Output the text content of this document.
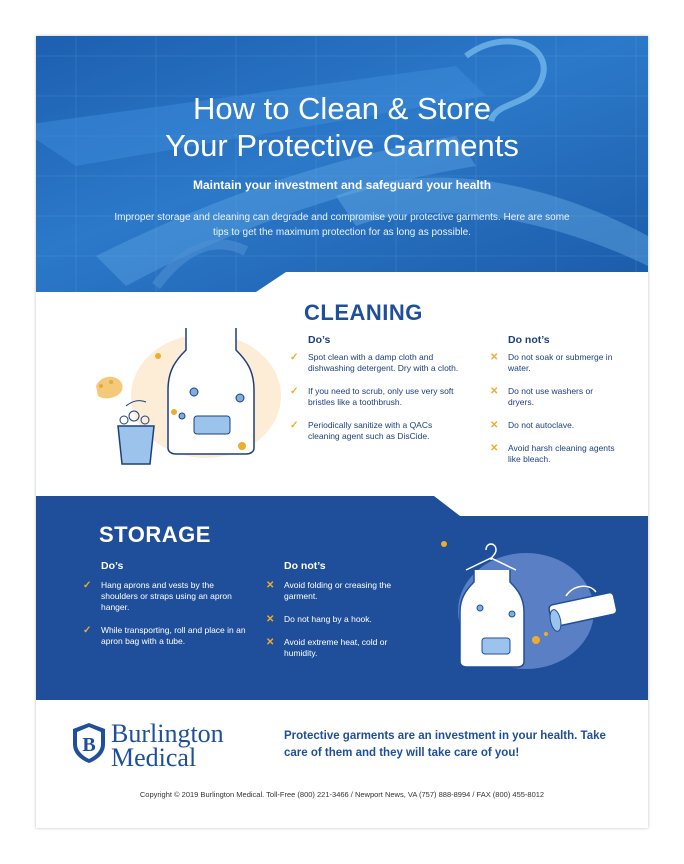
How to Clean & Store
Your Protective Garments
Maintain your investment and safeguard your health
Improper storage and cleaning can degrade and compromise your protective garments. Here are some tips to get the maximum protection for as long as possible.
CLEANING
Do’s	Do not’s
✓ Spot clean with a damp cloth and dishwashing detergent. Dry with a cloth.
✓ If you need to scrub, only use very soft bristles like a toothbrush.
✓ Periodically sanitize with a QACs cleaning agent such as DisCide.
✕ Do not soak or submerge in water.
✕ Do not use washers or dryers.
✕ Do not autoclave.
✕ Avoid harsh cleaning agents like bleach.
STORAGE
Do’s	Do not’s
✓ Hang aprons and vests by the shoulders or straps using an apron hanger.
✓ While transporting, roll and place in an apron bag with a tube.
✕ Avoid folding or creasing the garment.
✕ Do not hang by a hook.
✕ Avoid extreme heat, cold or humidity.
B Burlington
Medical
Protective garments are an investment in your health. Take care of them and they will take care of you!
Copyright © 2019 Burlington Medical. Toll-Free (800) 221-3466 / Newport News, VA (757) 888-8994 / FAX (800) 455-8012
